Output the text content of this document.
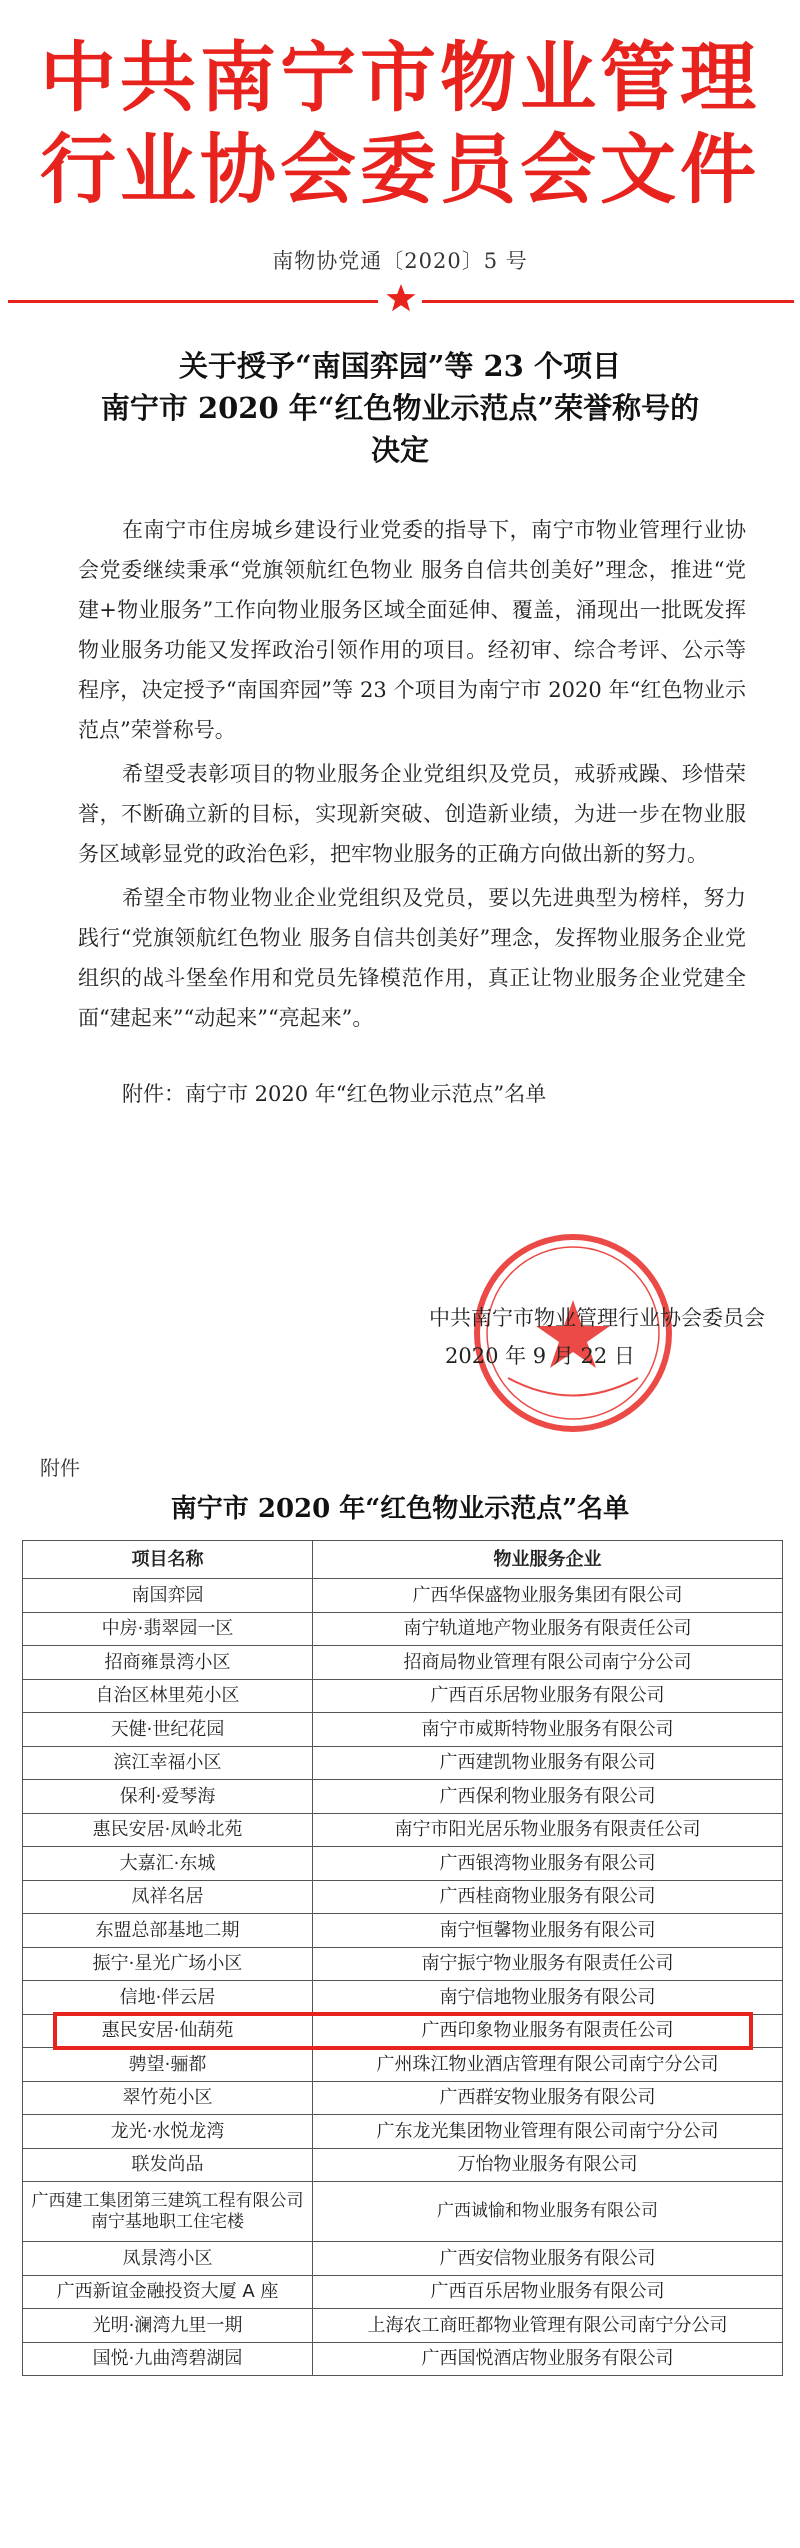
中共南宁市物业管理
行业协会委员会文件
南物协党通〔2020〕5 号
关于授予“南国弈园”等 23 个项目
南宁市 2020 年“红色物业示范点”荣誉称号的
决定

在南宁市住房城乡建设行业党委的指导下，南宁市物业管理行业协会党委继续秉承“党旗领航红色物业 服务自信共创美好”理念，推进“党建+物业服务”工作向物业服务区域全面延伸、覆盖，涌现出一批既发挥物业服务功能又发挥政治引领作用的项目。经初审、综合考评、公示等程序，决定授予“南国弈园”等 23 个项目为南宁市 2020 年“红色物业示范点”荣誉称号。

希望受表彰项目的物业服务企业党组织及党员，戒骄戒躁、珍惜荣誉，不断确立新的目标，实现新突破、创造新业绩，为进一步在物业服务区域彰显党的政治色彩，把牢物业服务的正确方向做出新的努力。

希望全市物业物业企业党组织及党员，要以先进典型为榜样，努力践行“党旗领航红色物业 服务自信共创美好”理念，发挥物业服务企业党组织的战斗堡垒作用和党员先锋模范作用，真正让物业服务企业党建全面“建起来”“动起来”“亮起来”。

附件：南宁市 2020 年“红色物业示范点”名单

中共南宁市物业管理行业协会委员会
2020 年 9 月 22 日
附件
南宁市 2020 年“红色物业示范点”名单
项目名称	物业服务企业
南国弈园	广西华保盛物业服务集团有限公司
中房·翡翠园一区	南宁轨道地产物业服务有限责任公司
招商雍景湾小区	招商局物业管理有限公司南宁分公司
自治区林里苑小区	广西百乐居物业服务有限公司
天健·世纪花园	南宁市威斯特物业服务有限公司
滨江幸福小区	广西建凯物业服务有限公司
保利·爱琴海	广西保利物业服务有限公司
惠民安居·凤岭北苑	南宁市阳光居乐物业服务有限责任公司
大嘉汇·东城	广西银湾物业服务有限公司
凤祥名居	广西桂商物业服务有限公司
东盟总部基地二期	南宁恒馨物业服务有限公司
振宁·星光广场小区	南宁振宁物业服务有限责任公司
信地·伴云居	南宁信地物业服务有限公司
惠民安居·仙葫苑	广西印象物业服务有限责任公司
骋望·骊都	广州珠江物业酒店管理有限公司南宁分公司
翠竹苑小区	广西群安物业服务有限公司
龙光·水悦龙湾	广东龙光集团物业管理有限公司南宁分公司
联发尚品	万怡物业服务有限公司
广西建工集团第三建筑工程有限公司南宁基地职工住宅楼	广西诚愉和物业服务有限公司
凤景湾小区	广西安信物业服务有限公司
广西新谊金融投资大厦 A 座	广西百乐居物业服务有限公司
光明·澜湾九里一期	上海农工商旺都物业管理有限公司南宁分公司
国悦·九曲湾碧湖园	广西国悦酒店物业服务有限公司
